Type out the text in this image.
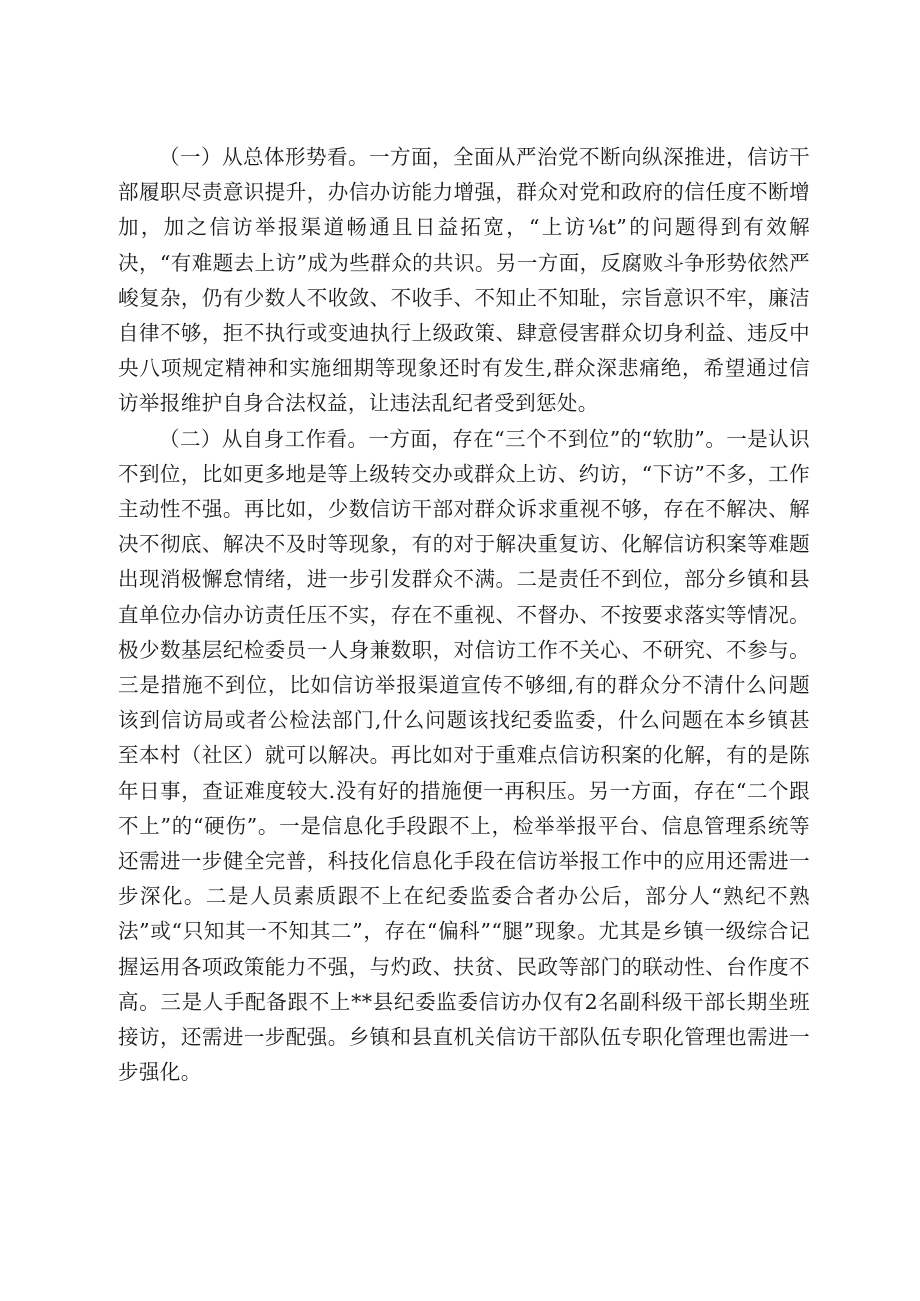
（一）从总体形势看。一方面，全面从严治党不断向纵深推进，信访干部履职尽责意识提升，办信办访能力增强，群众对党和政府的信任度不断增加，加之信访举报渠道畅通且日益拓宽，“上访⅛t”的问题得到有效解决，“有难题去上访”成为些群众的共识。另一方面，反腐败斗争形势依然严峻复杂，仍有少数人不收敛、不收手、不知止不知耻，宗旨意识不牢，廉洁自律不够，拒不执行或变迪执行上级政策、肆意侵害群众切身利益、违反中央八项规定精神和实施细期等现象还时有发生,群众深悲痛绝，希望通过信访举报维护自身合法权益，让违法乱纪者受到惩处。

（二）从自身工作看。一方面，存在“三个不到位”的“软肋”。一是认识不到位，比如更多地是等上级转交办或群众上访、约访，“下访”不多，工作主动性不强。再比如，少数信访干部对群众诉求重视不够，存在不解决、解决不彻底、解决不及时等现象，有的对于解决重复访、化解信访积案等难题出现消极懈怠情绪，进一步引发群众不满。二是责任不到位，部分乡镇和县直单位办信办访责任压不实，存在不重视、不督办、不按要求落实等情况。极少数基层纪检委员一人身兼数职，对信访工作不关心、不研究、不参与。三是措施不到位，比如信访举报渠道宣传不够细,有的群众分不清什么问题该到信访局或者公检法部门,什么问题该找纪委监委，什么问题在本乡镇甚至本村（社区）就可以解决。再比如对于重难点信访积案的化解，有的是陈年日事，查证难度较大.没有好的措施便一再积压。另一方面，存在“二个跟不上”的“硬伤”。一是信息化手段跟不上，检举举报平台、信息管理系统等还需进一步健全完普，科技化信息化手段在信访举报工作中的应用还需进一步深化。二是人员素质跟不上在纪委监委合者办公后，部分人“熟纪不熟法”或“只知其一不知其二”，存在“偏科”“腿”现象。尤其是乡镇一级综合记握运用各项政策能力不强，与灼政、扶贫、民政等部门的联动性、台作度不高。三是人手配备跟不上**县纪委监委信访办仅有2名副科级干部长期坐班接访，还需进一步配强。乡镇和县直机关信访干部队伍专职化管理也需进一步强化。
